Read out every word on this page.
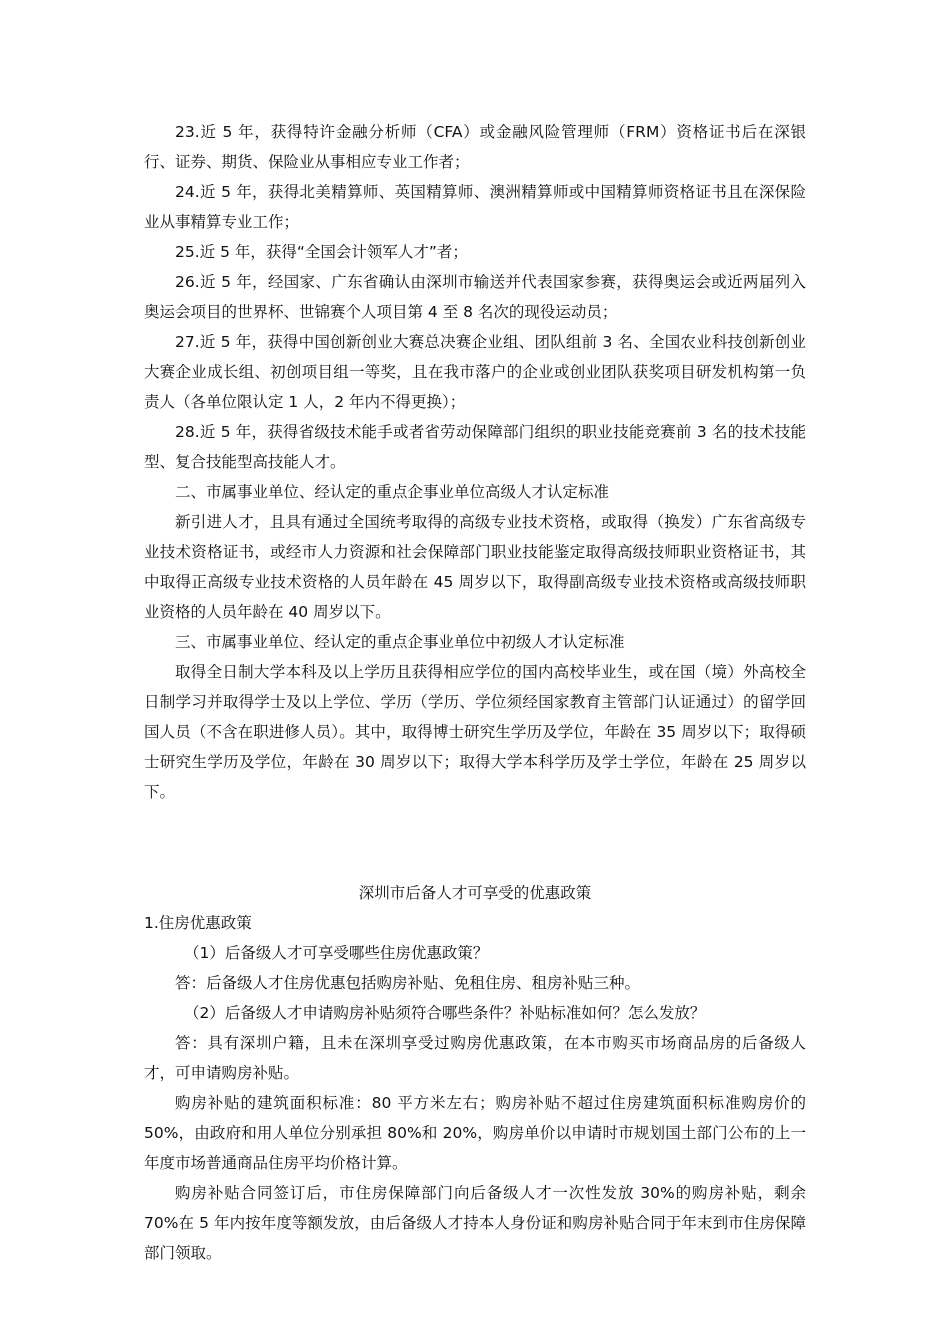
23.近 5 年，获得特许金融分析师（CFA）或金融风险管理师（FRM）资格证书后在深银行、证券、期货、保险业从事相应专业工作者；

24.近 5 年，获得北美精算师、英国精算师、澳洲精算师或中国精算师资格证书且在深保险业从事精算专业工作；

25.近 5 年，获得“全国会计领军人才”者；

26.近 5 年，经国家、广东省确认由深圳市输送并代表国家参赛，获得奥运会或近两届列入奥运会项目的世界杯、世锦赛个人项目第 4 至 8 名次的现役运动员；

27.近 5 年，获得中国创新创业大赛总决赛企业组、团队组前 3 名、全国农业科技创新创业大赛企业成长组、初创项目组一等奖，且在我市落户的企业或创业团队获奖项目研发机构第一负责人（各单位限认定 1 人，2 年内不得更换）；

28.近 5 年，获得省级技术能手或者省劳动保障部门组织的职业技能竞赛前 3 名的技术技能型、复合技能型高技能人才。

二、市属事业单位、经认定的重点企事业单位高级人才认定标准

新引进人才，且具有通过全国统考取得的高级专业技术资格，或取得（换发）广东省高级专业技术资格证书，或经市人力资源和社会保障部门职业技能鉴定取得高级技师职业资格证书，其中取得正高级专业技术资格的人员年龄在 45 周岁以下，取得副高级专业技术资格或高级技师职业资格的人员年龄在 40 周岁以下。

三、市属事业单位、经认定的重点企事业单位中初级人才认定标准

取得全日制大学本科及以上学历且获得相应学位的国内高校毕业生，或在国（境）外高校全日制学习并取得学士及以上学位、学历（学历、学位须经国家教育主管部门认证通过）的留学回国人员（不含在职进修人员）。其中，取得博士研究生学历及学位，年龄在 35 周岁以下；取得硕士研究生学历及学位，年龄在 30 周岁以下；取得大学本科学历及学士学位，年龄在 25 周岁以下。

深圳市后备人才可享受的优惠政策

1.住房优惠政策

（1）后备级人才可享受哪些住房优惠政策？

答：后备级人才住房优惠包括购房补贴、免租住房、租房补贴三种。

（2）后备级人才申请购房补贴须符合哪些条件？补贴标准如何？怎么发放？

答：具有深圳户籍，且未在深圳享受过购房优惠政策，在本市购买市场商品房的后备级人才，可申请购房补贴。

购房补贴的建筑面积标准：80 平方米左右；购房补贴不超过住房建筑面积标准购房价的 50%，由政府和用人单位分别承担 80%和 20%，购房单价以申请时市规划国土部门公布的上一年度市场普通商品住房平均价格计算。

购房补贴合同签订后，市住房保障部门向后备级人才一次性发放 30%的购房补贴，剩余 70%在 5 年内按年度等额发放，由后备级人才持本人身份证和购房补贴合同于年末到市住房保障部门领取。
